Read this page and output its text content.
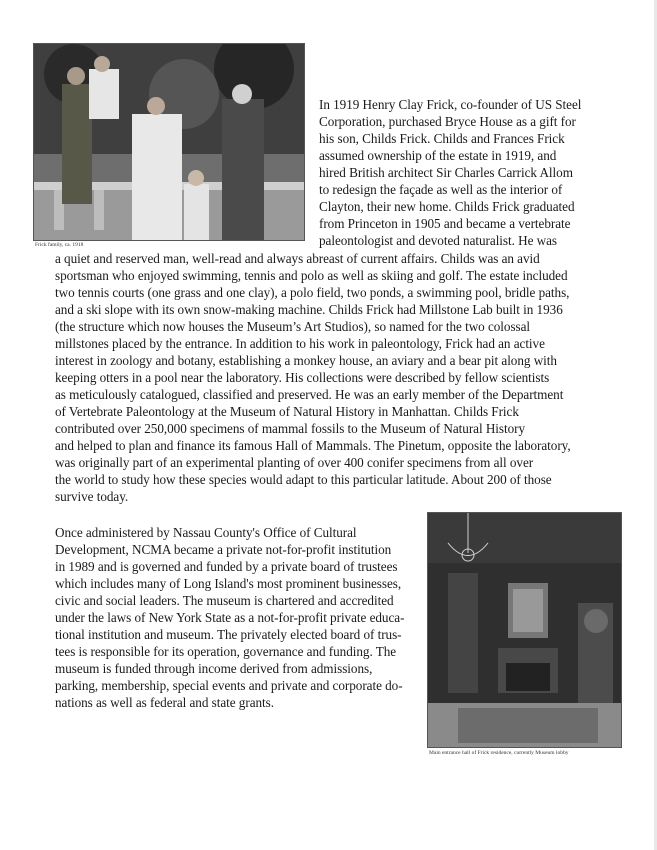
Frick family, ca. 1918
In 1919 Henry Clay Frick, co-founder of US Steel
Corporation, purchased Bryce House as a gift for
his son, Childs Frick. Childs and Frances Frick
assumed ownership of the estate in 1919, and
hired British architect Sir Charles Carrick Allom
to redesign the façade as well as the interior of
Clayton, their new home. Childs Frick graduated
from Princeton in 1905 and became a vertebrate
paleontologist and devoted naturalist. He was
a quiet and reserved man, well-read and always abreast of current affairs. Childs was an avid
sportsman who enjoyed swimming, tennis and polo as well as skiing and golf. The estate included
two tennis courts (one grass and one clay), a polo field, two ponds, a swimming pool, bridle paths,
and a ski slope with its own snow-making machine. Childs Frick had Millstone Lab built in 1936
(the structure which now houses the Museum’s Art Studios), so named for the two colossal
millstones placed by the entrance. In addition to his work in paleontology, Frick had an active
interest in zoology and botany, establishing a monkey house, an aviary and a bear pit along with
keeping otters in a pool near the laboratory. His collections were described by fellow scientists
as meticulously catalogued, classified and preserved. He was an early member of the Department
of Vertebrate Paleontology at the Museum of Natural History in Manhattan. Childs Frick
contributed over 250,000 specimens of mammal fossils to the Museum of Natural History
and helped to plan and finance its famous Hall of Mammals. The Pinetum, opposite the laboratory,
was originally part of an experimental planting of over 400 conifer specimens from all over
the world to study how these species would adapt to this particular latitude. About 200 of those
survive today.
Once administered by Nassau County's Office of Cultural
Development, NCMA became a private not-for-profit institution
in 1989 and is governed and funded by a private board of trustees
which includes many of Long Island's most prominent businesses,
civic and social leaders. The museum is chartered and accredited
under the laws of New York State as a not-for-profit private educa-
tional institution and museum. The privately elected board of trus-
tees is responsible for its operation, governance and funding. The
museum is funded through income derived from admissions,
parking, membership, special events and private and corporate do-
nations as well as federal and state grants.
Main entrance hall of Frick residence, currently Museum lobby
